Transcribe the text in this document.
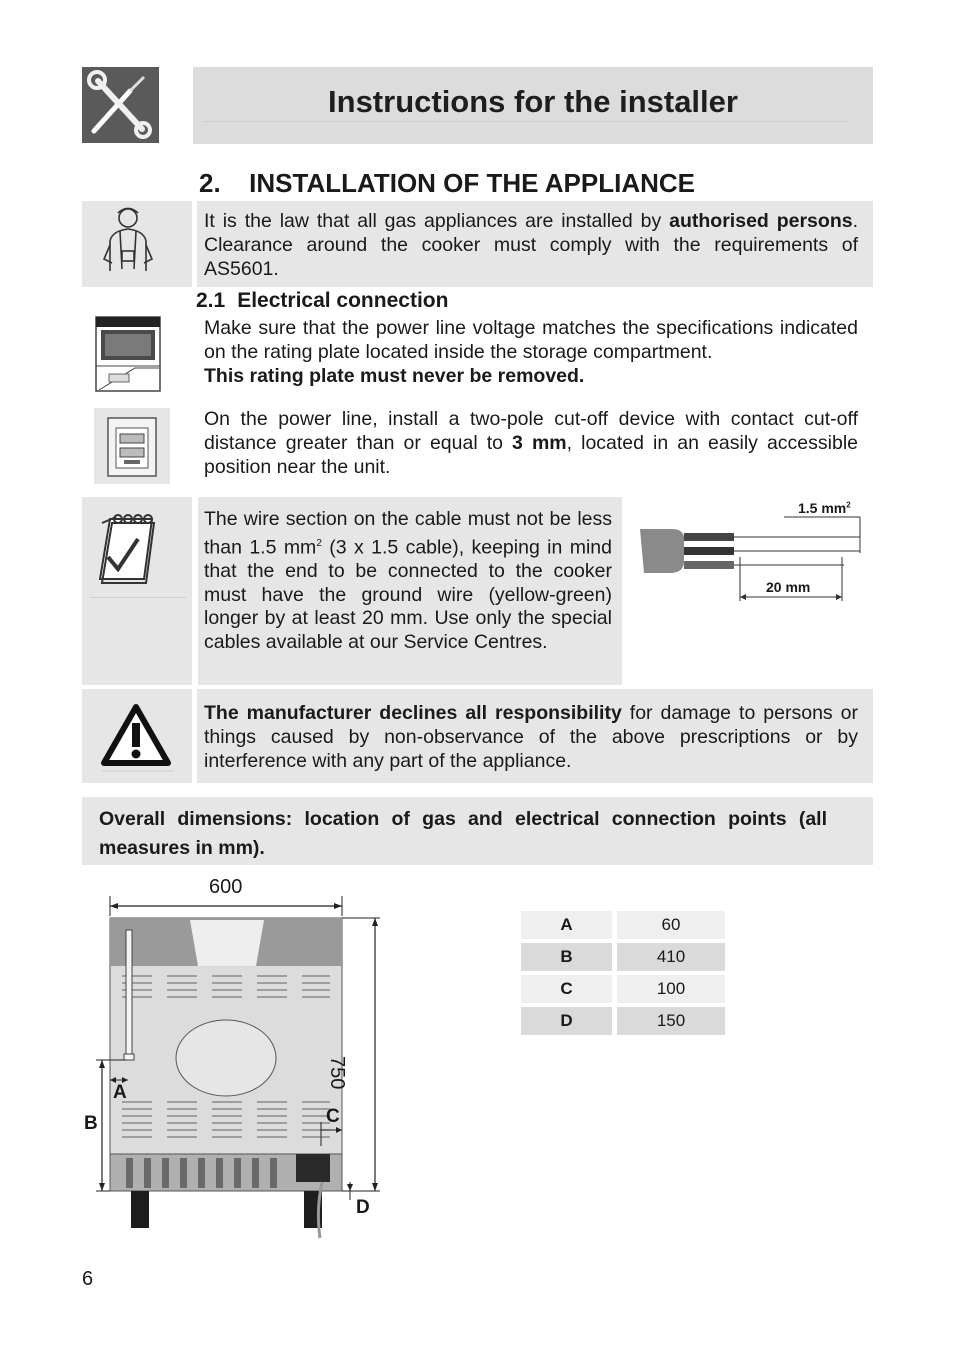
Instructions for the installer
2. INSTALLATION OF THE APPLIANCE

It is the law that all gas appliances are installed by authorised persons. Clearance around the cooker must comply with the requirements of AS5601.

2.1 Electrical connection

Make sure that the power line voltage matches the specifications indicated on the rating plate located inside the storage compartment.
This rating plate must never be removed.

On the power line, install a two-pole cut-off device with contact cut-off distance greater than or equal to 3 mm, located in an easily accessible position near the unit.

The wire section on the cable must not be less than 1.5 $mm^2$ (3 x 1.5 cable), keeping in mind that the end to be connected to the cooker must have the ground wire (yellow-green) longer by at least 20 mm. Use only the special cables available at our Service Centres.

1.5 $mm^2$
20 mm

The manufacturer declines all responsibility for damage to persons or things caused by non-observance of the above prescriptions or by interference with any part of the appliance.

Overall dimensions: location of gas and electrical connection points (all measures in mm).

600
750
A
B	C
D
A	60
B	410
C	100
D	150
6
